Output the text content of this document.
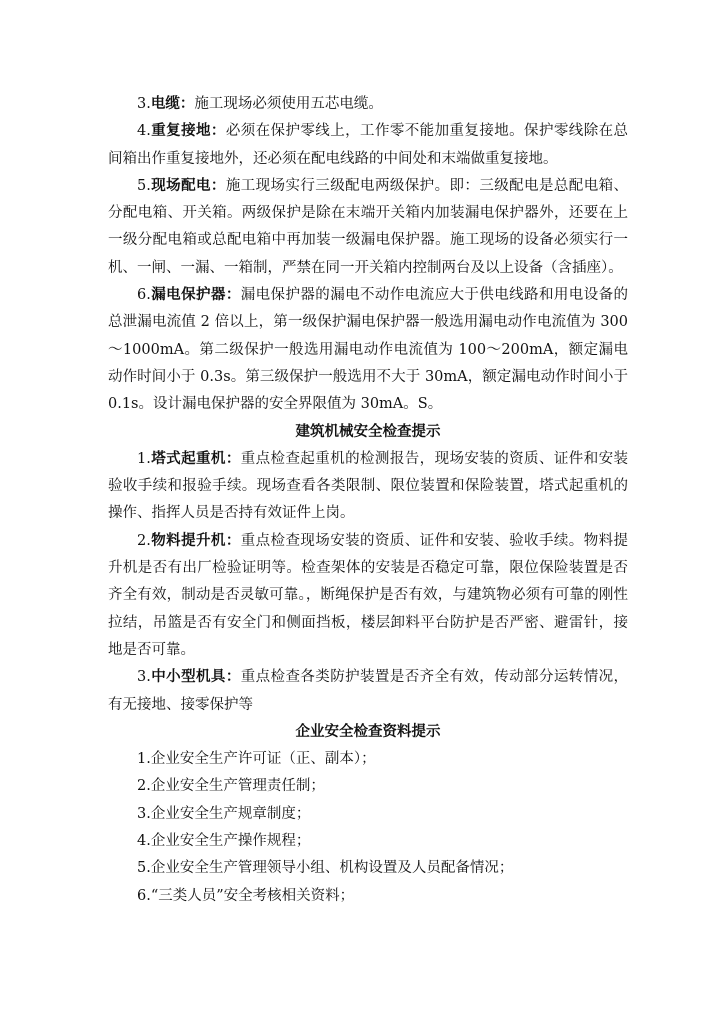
3.电缆：施工现场必须使用五芯电缆。

4.重复接地：必须在保护零线上，工作零不能加重复接地。保护零线除在总间箱出作重复接地外，还必须在配电线路的中间处和末端做重复接地。

5.现场配电：施工现场实行三级配电两级保护。即：三级配电是总配电箱、分配电箱、开关箱。两级保护是除在末端开关箱内加装漏电保护器外，还要在上一级分配电箱或总配电箱中再加装一级漏电保护器。施工现场的设备必须实行一机、一闸、一漏、一箱制，严禁在同一开关箱内控制两台及以上设备（含插座）。

6.漏电保护器：漏电保护器的漏电不动作电流应大于供电线路和用电设备的总泄漏电流值 2 倍以上，第一级保护漏电保护器一般选用漏电动作电流值为 300～1000mA。第二级保护一般选用漏电动作电流值为 100～200mA，额定漏电动作时间小于 0.3s。第三级保护一般选用不大于 30mA，额定漏电动作时间小于 0.1s。设计漏电保护器的安全界限值为 30mA。S。

建筑机械安全检查提示

1.塔式起重机：重点检查起重机的检测报告，现场安装的资质、证件和安装验收手续和报验手续。现场查看各类限制、限位装置和保险装置，塔式起重机的操作、指挥人员是否持有效证件上岗。

2.物料提升机：重点检查现场安装的资质、证件和安装、验收手续。物料提升机是否有出厂检验证明等。检查架体的安装是否稳定可靠，限位保险装置是否齐全有效，制动是否灵敏可靠。，断绳保护是否有效，与建筑物必须有可靠的刚性拉结，吊篮是否有安全门和侧面挡板，楼层卸料平台防护是否严密、避雷针，接地是否可靠。

3.中小型机具：重点检查各类防护装置是否齐全有效，传动部分运转情况，有无接地、接零保护等

企业安全检查资料提示

1.企业安全生产许可证（正、副本）；

2.企业安全生产管理责任制；

3.企业安全生产规章制度；

4.企业安全生产操作规程；

5.企业安全生产管理领导小组、机构设置及人员配备情况；

6.“三类人员”安全考核相关资料；
